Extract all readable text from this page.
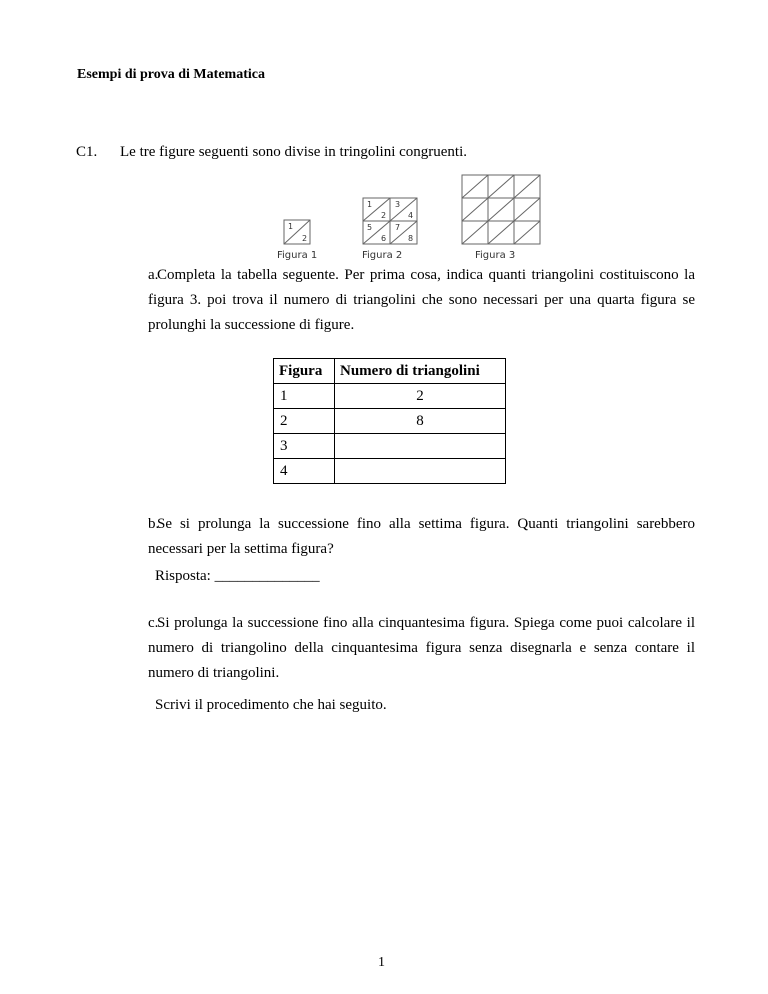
Esempi di prova di Matematica
C1. Le tre figure seguenti sono divise in tringolini congruenti.
1
2
1
2
3
4
5
6
7
8
Figura 1	Figura 2	Figura 3
a.Completa la tabella seguente. Per prima cosa, indica quanti triangolini costituiscono la figura 3. poi trova il numero di triangolini che sono necessari per una quarta figura se prolunghi la successione di figure.
Figura	Numero di triangolini
1	2
2	8
3	
4	
b.Se si prolunga la successione fino alla settima figura. Quanti triangolini sarebbero necessari per la settima figura?
Risposta: ______________
c.Si prolunga la successione fino alla cinquantesima figura. Spiega come puoi calcolare il numero di triangolino della cinquantesima figura senza disegnarla e senza contare il numero di triangolini.
Scrivi il procedimento che hai seguito.
1
